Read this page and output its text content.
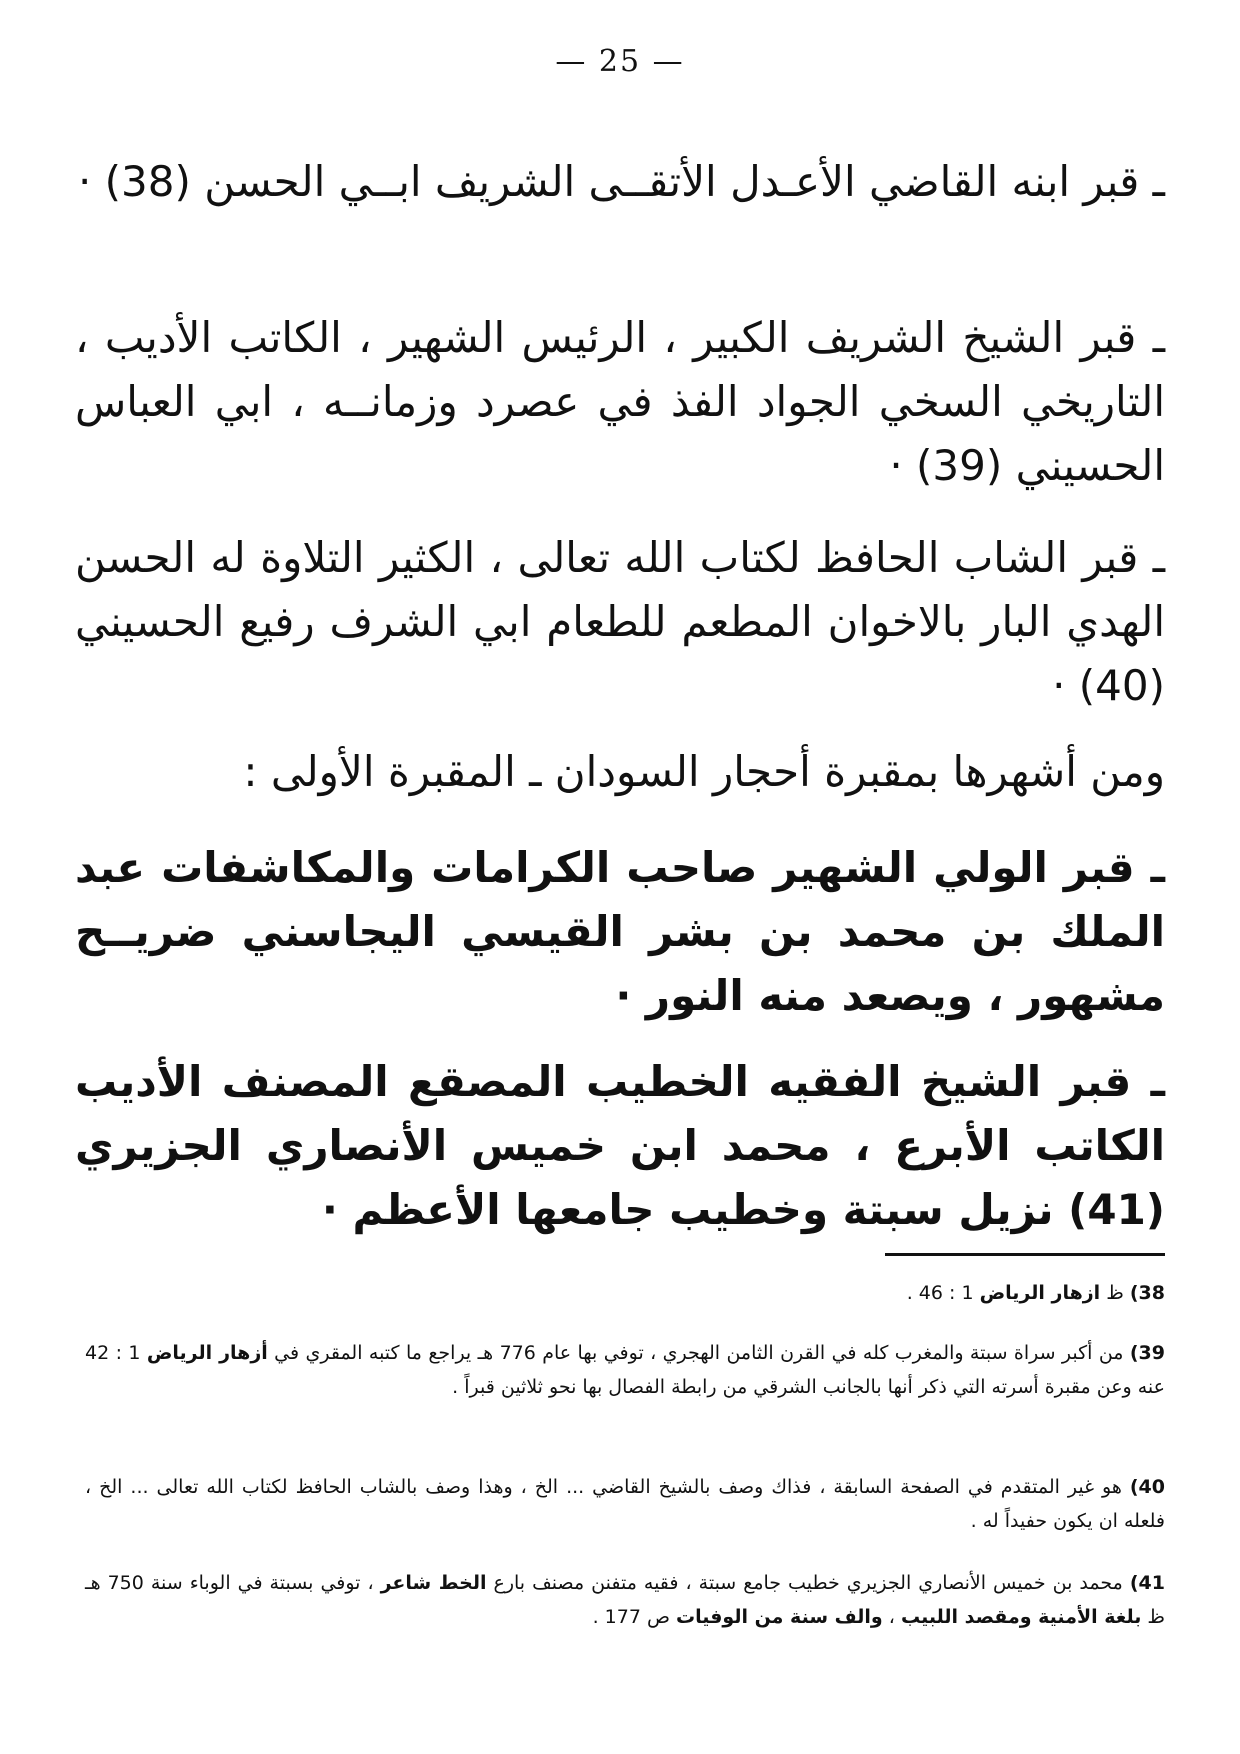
— 25 —

ـ قبر ابنه القاضي الأعـدل الأتقــى الشريف ابــي الحسن (38) ·

ـ قبر الشيخ الشريف الكبير ، الرئيس الشهير ، الكاتب الأديب ، التاريخي السخي الجواد الفذ في عصرد وزمانــه ، ابي العباس الحسيني (39) ·

ـ قبر الشاب الحافظ لكتاب الله تعالى ، الكثير التلاوة له الحسن الهدي البار بالاخوان المطعم للطعام ابي الشرف رفيع الحسيني (40) ·

ومن أشهرها بمقبرة أحجار السودان ـ المقبرة الأولى :

ـ قبر الولي الشهير صاحب الكرامات والمكاشفات عبد الملك بن محمد بن بشر القيسي اليجاسني ضريــح مشهور ، ويصعد منه النور ·

ـ قبر الشيخ الفقيه الخطيب المصقع المصنف الأديب الكاتب الأبرع ، محمد ابن خميس الأنصاري الجزيري (41) نزيل سبتة وخطيب جامعها الأعظم ·

38) ظ ازهار الرياض 1 : 46 .

39) من أكبر سراة سبتة والمغرب كله في القرن الثامن الهجري ، توفي بها عام 776 هـ يراجع ما كتبه المقري في أزهار الرياض 1 : 42 عنه وعن مقبرة أسرته التي ذكر أنها بالجانب الشرقي من رابطة الفصال بها نحو ثلاثين قبراً .

40) هو غير المتقدم في الصفحة السابقة ، فذاك وصف بالشيخ القاضي ... الخ ، وهذا وصف بالشاب الحافظ لكتاب الله تعالى ... الخ ، فلعله ان يكون حفيداً له .

41) محمد بن خميس الأنصاري الجزيري خطيب جامع سبتة ، فقيه متفنن مصنف بارع الخط شاعر ، توفي بسبتة في الوباء سنة 750 هـ ظ بلغة الأمنية ومقصد اللبيب ، والف سنة من الوفيات ص 177 .
